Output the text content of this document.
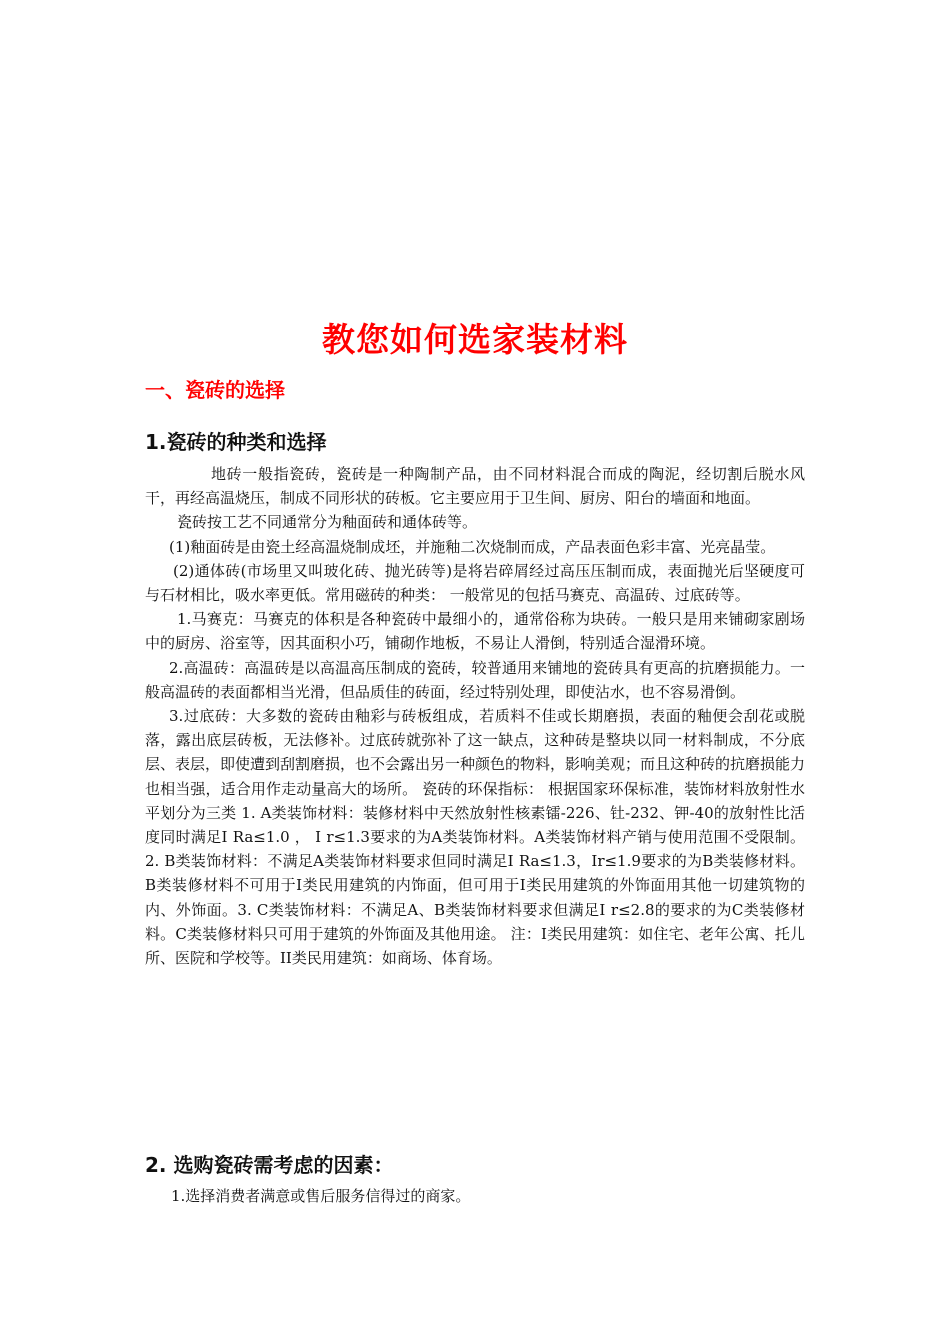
教您如何选家装材料
一、瓷砖的选择
1.瓷砖的种类和选择

地砖一般指瓷砖，瓷砖是一种陶制产品，由不同材料混合而成的陶泥，经切割后脱水风干，再经高温烧压，制成不同形状的砖板。它主要应用于卫生间、厨房、阳台的墙面和地面。

瓷砖按工艺不同通常分为釉面砖和通体砖等。

(1)釉面砖是由瓷土经高温烧制成坯，并施釉二次烧制而成，产品表面色彩丰富、光亮晶莹。

(2)通体砖(市场里又叫玻化砖、抛光砖等)是将岩碎屑经过高压压制而成，表面抛光后坚硬度可与石材相比，吸水率更低。常用磁砖的种类： 一般常见的包括马赛克、高温砖、过底砖等。

1.马赛克：马赛克的体积是各种瓷砖中最细小的，通常俗称为块砖。一般只是用来铺砌家剧场中的厨房、浴室等，因其面积小巧，铺砌作地板，不易让人滑倒，特别适合湿滑环境。

2.高温砖：高温砖是以高温高压制成的瓷砖，较普通用来铺地的瓷砖具有更高的抗磨损能力。一般高温砖的表面都相当光滑，但品质佳的砖面，经过特别处理，即使沾水，也不容易滑倒。

3.过底砖：大多数的瓷砖由釉彩与砖板组成，若质料不佳或长期磨损，表面的釉便会刮花或脱落，露出底层砖板，无法修补。过底砖就弥补了这一缺点，这种砖是整块以同一材料制成，不分底层、表层，即使遭到刮割磨损，也不会露出另一种颜色的物料，影响美观；而且这种砖的抗磨损能力也相当强，适合用作走动量高大的场所。 瓷砖的环保指标： 根据国家环保标准，装饰材料放射性水平划分为三类 1. A类装饰材料：装修材料中天然放射性核素镭-226、钍-232、钾-40的放射性比活度同时满足Ⅰ Ra≤1.0 ， Ⅰ r≤1.3要求的为A类装饰材料。A类装饰材料产销与使用范围不受限制。 2. B类装饰材料：不满足A类装饰材料要求但同时满足Ⅰ Ra≤1.3，Ir≤1.9要求的为B类装修材料。B类装修材料不可用于Ⅰ类民用建筑的内饰面，但可用于Ⅰ类民用建筑的外饰面用其他一切建筑物的内、外饰面。3. C类装饰材料：不满足A、B类装饰材料要求但满足Ⅰ r≤2.8的要求的为C类装修材料。C类装修材料只可用于建筑的外饰面及其他用途。 注：Ⅰ类民用建筑：如住宅、老年公寓、托儿所、医院和学校等。II类民用建筑：如商场、体育场。

2. 选购瓷砖需考虑的因素：

1.选择消费者满意或售后服务信得过的商家。
